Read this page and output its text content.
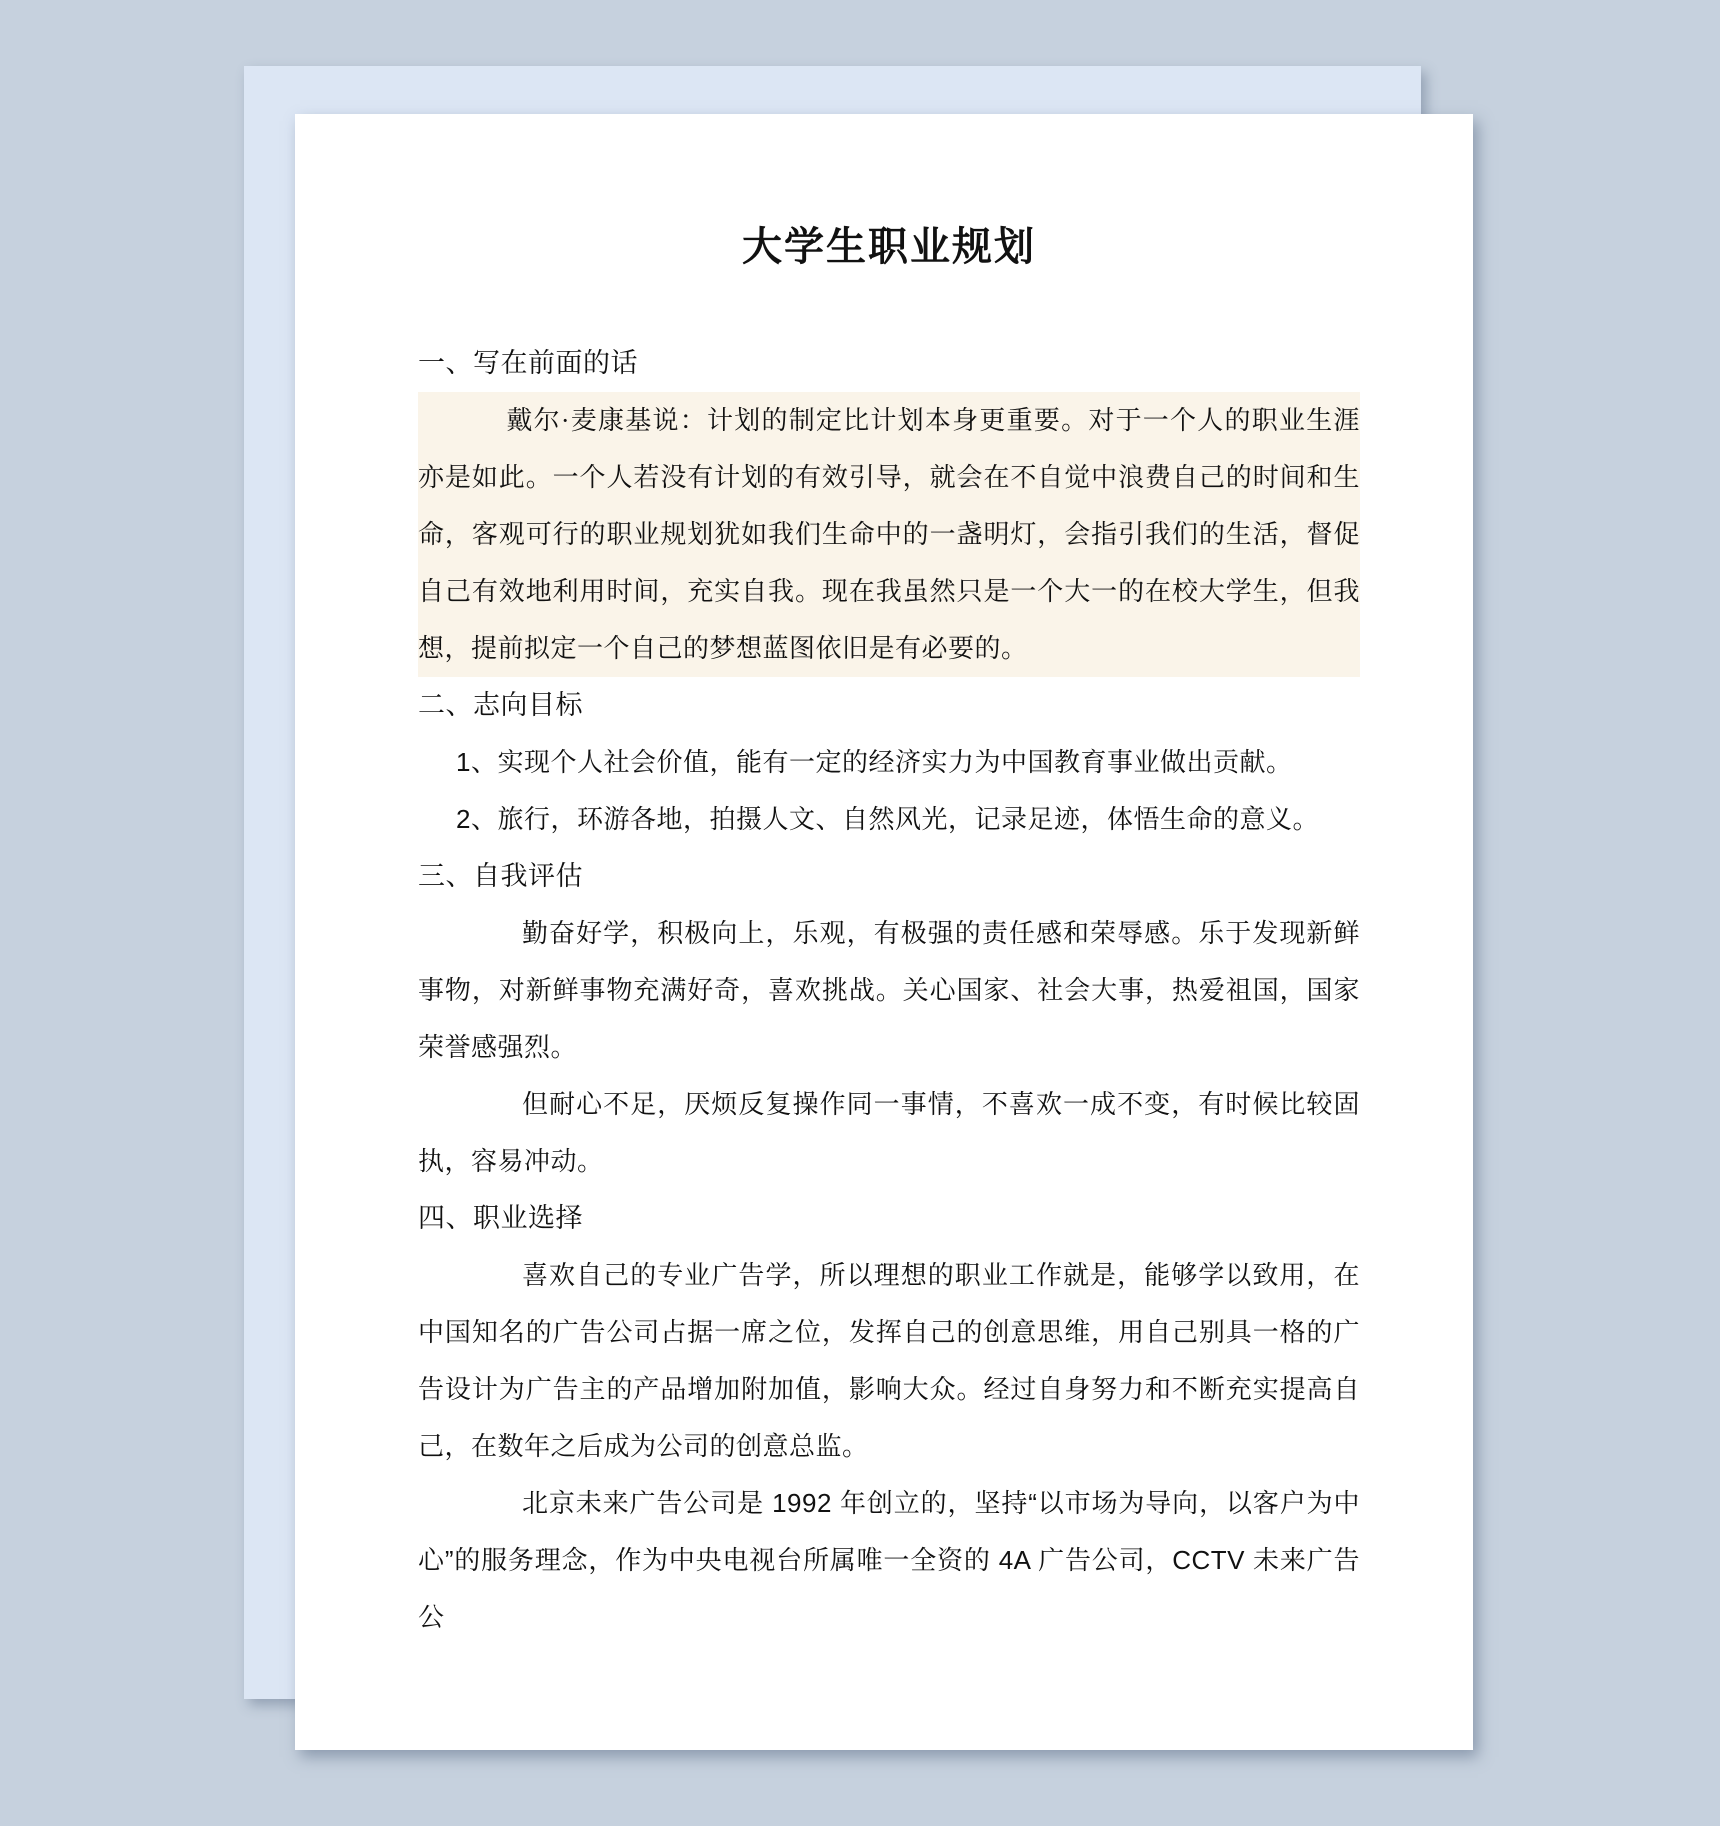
大学生职业规划
一、写在前面的话

戴尔·麦康基说：计划的制定比计划本身更重要。对于一个人的职业生涯亦是如此。一个人若没有计划的有效引导，就会在不自觉中浪费自己的时间和生命，客观可行的职业规划犹如我们生命中的一盏明灯，会指引我们的生活，督促自己有效地利用时间，充实自我。现在我虽然只是一个大一的在校大学生，但我想，提前拟定一个自己的梦想蓝图依旧是有必要的。

二、志向目标

1、实现个人社会价值，能有一定的经济实力为中国教育事业做出贡献。

2、旅行，环游各地，拍摄人文、自然风光，记录足迹，体悟生命的意义。

三、自我评估

勤奋好学，积极向上，乐观，有极强的责任感和荣辱感。乐于发现新鲜事物，对新鲜事物充满好奇，喜欢挑战。关心国家、社会大事，热爱祖国，国家荣誉感强烈。

但耐心不足，厌烦反复操作同一事情，不喜欢一成不变，有时候比较固执，容易冲动。

四、职业选择

喜欢自己的专业广告学，所以理想的职业工作就是，能够学以致用，在中国知名的广告公司占据一席之位，发挥自己的创意思维，用自己别具一格的广告设计为广告主的产品增加附加值，影响大众。经过自身努力和不断充实提高自己，在数年之后成为公司的创意总监。

北京未来广告公司是 1992 年创立的，坚持“以市场为导向，以客户为中心”的服务理念，作为中央电视台所属唯一全资的 4A 广告公司，CCTV 未来广告公
